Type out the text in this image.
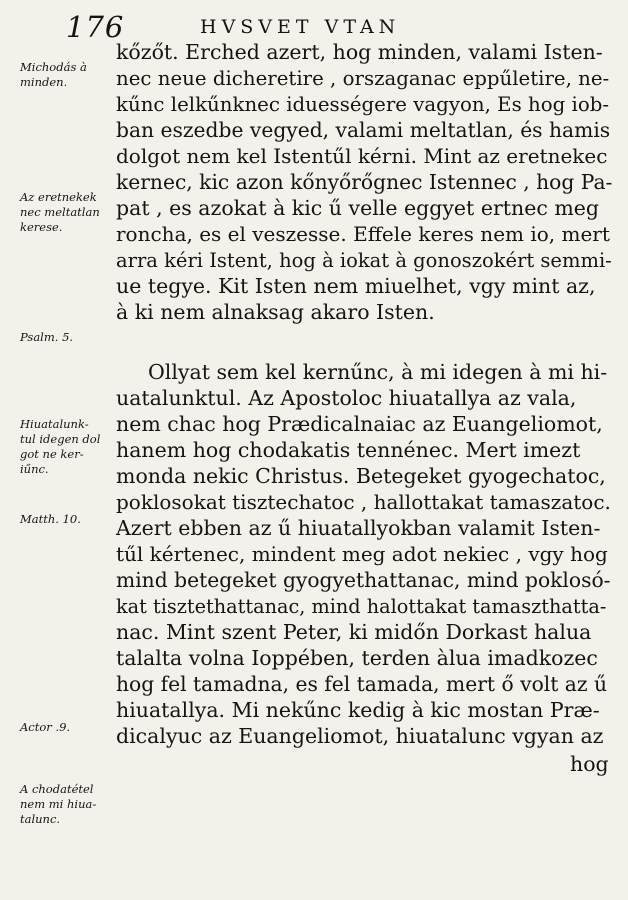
176	HVSVET VTAN
Michodás à
minden.
Az eretnekek
nec meltatlan
kerese.
Psalm. 5.
Hiuatalunk-
tul idegen dol
got ne ker-
iűnc.
Matth. 10.
Actor .9.
A chodatétel
nem mi hiua-
talunc.
kőzőt. Erched azert, hog minden, valami Isten-
nec neue dicheretire , orszaganac eppűletire, ne-
kűnc lelkűnknec iduességere vagyon, Es hog iob-
ban eszedbe vegyed, valami meltatlan, és hamis
dolgot nem kel Istentűl kérni. Mint az eretnekec
kernec, kic azon kőnyőrőgnec Istennec , hog Pa-
pat , es azokat à kic ű velle eggyet ertnec meg
roncha, es el veszesse. Effele keres nem io, mert
arra kéri Istent, hog à iokat à gonoszokért semmi-
ue tegye. Kit Isten nem miuelhet, vgy mint az,
à ki nem alnaksag akaro Isten.
Ollyat sem kel kernűnc, à mi idegen à mi hi-
uatalunktul. Az Apostoloc hiuatallya az vala,
nem chac hog Prædicalnaiac az Euangeliomot,
hanem hog chodakatis tennénec. Mert imezt
monda nekic Christus. Betegeket gyogechatoc,
poklosokat tisztechatoc , hallottakat tamaszatoc.
Azert ebben az ű hiuatallyokban valamit Isten-
tűl kértenec, mindent meg adot nekiec , vgy hog
mind betegeket gyogyethattanac, mind poklosó-
kat tisztethattanac, mind halottakat tamaszthatta-
nac. Mint szent Peter, ki midőn Dorkast halua
talalta volna Ioppében, terden àlua imadkozec
hog fel tamadna, es fel tamada, mert ő volt az ű
hiuatallya. Mi nekűnc kedig à kic mostan Præ-
dicalyuc az Euangeliomot, hiuatalunc vgyan az
hog
